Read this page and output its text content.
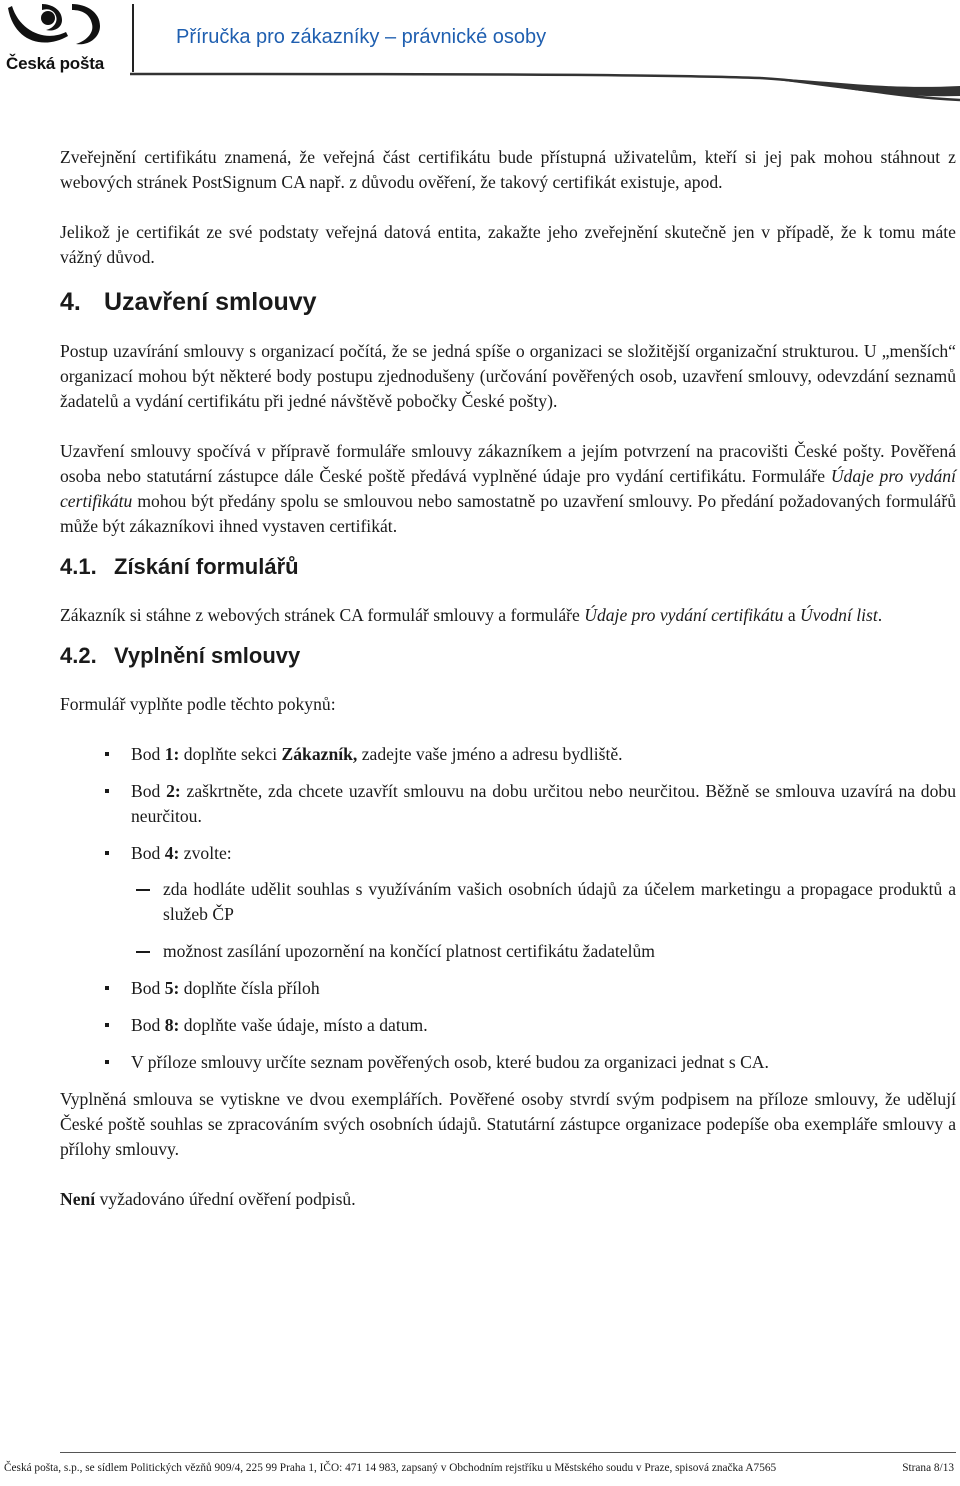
Česká pošta
Příručka pro zákazníky – právnické osoby

Zveřejnění certifikátu znamená, že veřejná část certifikátu bude přístupná uživatelům, kteří si jej pak mohou stáhnout z webových stránek PostSignum CA např. z důvodu ověření, že takový certifikát existuje, apod.

Jelikož je certifikát ze své podstaty veřejná datová entita, zakažte jeho zveřejnění skutečně jen v případě, že k tomu máte vážný důvod.

4. Uzavření smlouvy

Postup uzavírání smlouvy s organizací počítá, že se jedná spíše o organizaci se složitější organizační strukturou. U „menších“ organizací mohou být některé body postupu zjednodušeny (určování pověřených osob, uzavření smlouvy, odevzdání seznamů žadatelů a vydání certifikátu při jedné návštěvě pobočky České pošty).

Uzavření smlouvy spočívá v přípravě formuláře smlouvy zákazníkem a jejím potvrzení na pracovišti České pošty. Pověřená osoba nebo statutární zástupce dále České poště předává vyplněné údaje pro vydání certifikátu. Formuláře Údaje pro vydání certifikátu mohou být předány spolu se smlouvou nebo samostatně po uzavření smlouvy. Po předání požadovaných formulářů může být zákazníkovi ihned vystaven certifikát.

4.1. Získání formulářů

Zákazník si stáhne z webových stránek CA formulář smlouvy a formuláře Údaje pro vydání certifikátu a Úvodní list.

4.2. Vyplnění smlouvy

Formulář vyplňte podle těchto pokynů:

Bod 1: doplňte sekci Zákazník, zadejte vaše jméno a adresu bydliště.
Bod 2: zaškrtněte, zda chcete uzavřít smlouvu na dobu určitou nebo neurčitou. Běžně se smlouva uzavírá na dobu neurčitou.
Bod 4: zvolte:
zda hodláte udělit souhlas s využíváním vašich osobních údajů za účelem marketingu a propagace produktů a služeb ČP
možnost zasílání upozornění na končící platnost certifikátu žadatelům
Bod 5: doplňte čísla příloh
Bod 8: doplňte vaše údaje, místo a datum.
V příloze smlouvy určíte seznam pověřených osob, které budou za organizaci jednat s CA.

Vyplněná smlouva se vytiskne ve dvou exemplářích. Pověřené osoby stvrdí svým podpisem na příloze smlouvy, že udělují České poště souhlas se zpracováním svých osobních údajů. Statutární zástupce organizace podepíše oba exempláře smlouvy a přílohy smlouvy.

Není vyžadováno úřední ověření podpisů.

Česká pošta, s.p., se sídlem Politických vězňů 909/4, 225 99 Praha 1, IČO: 471 14 983, zapsaný v Obchodním rejstříku u Městského soudu v Praze, spisová značka A7565	Strana 8/13
